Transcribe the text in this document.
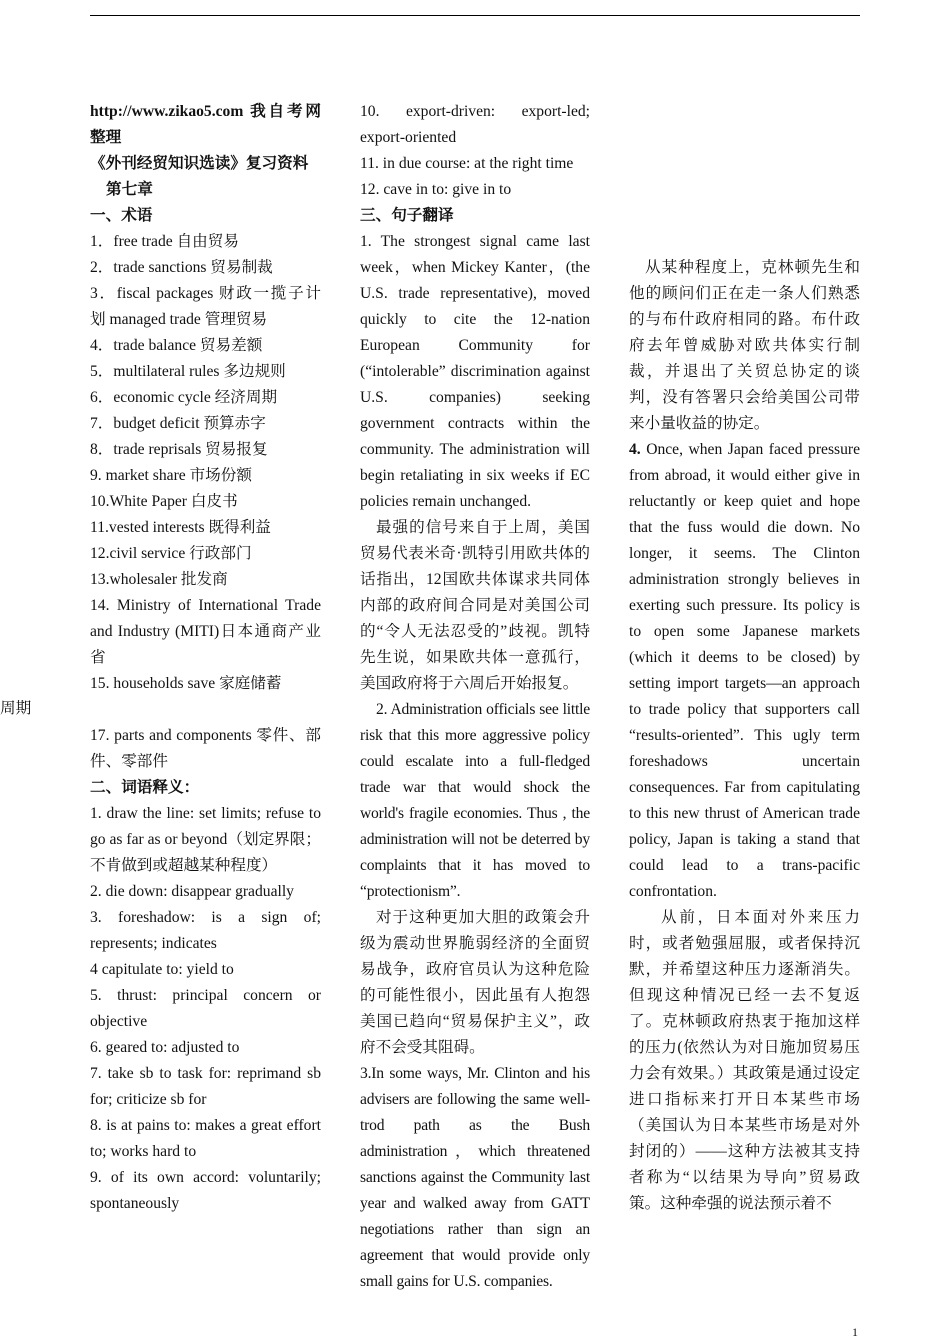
周期

http://www.zikao5.com 我自考网整理

《外刊经贸知识选读》复习资料

第七章

一、术语

1．free trade 自由贸易

2．trade sanctions 贸易制裁

3．fiscal packages 财政一揽子计划 managed trade 管理贸易

4．trade balance 贸易差额

5．multilateral rules 多边规则

6．economic cycle 经济周期

7．budget deficit 预算赤字

8．trade reprisals 贸易报复

9. market share 市场份额

10.White Paper 白皮书

11.vested interests 既得利益

12.civil service 行政部门

13.wholesaler 批发商

14. Ministry of International Trade and Industry (MITI)日本通商产业省

15. households save 家庭储蓄

17. parts and components 零件、部件、零部件

二、词语释义：

1. draw the line: set limits; refuse to go as far as or beyond（划定界限；不肯做到或超越某种程度）

2. die down: disappear gradually

3. foreshadow: is a sign of; represents; indicates

4 capitulate to: yield to

5. thrust: principal concern or objective

6. geared to: adjusted to

7. take sb to task for: reprimand sb for; criticize sb for

8. is at pains to: makes a great effort to; works hard to

9. of its own accord: voluntarily; spontaneously

10. export-driven: export-led; export-oriented

11. in due course: at the right time

12. cave in to: give in to

三、句子翻译

1. The strongest signal came last week，when Mickey Kanter，(the U.S. trade representative), moved quickly to cite the 12-nation European Community for (“intolerable” discrimination against U.S. companies) seeking government contracts within the community. The administration will begin retaliating in six weeks if EC policies remain unchanged.

最强的信号来自于上周，美国贸易代表米奇·凯特引用欧共体的话指出，12国欧共体谋求共同体内部的政府间合同是对美国公司的“令人无法忍受的”歧视。凯特先生说，如果欧共体一意孤行，美国政府将于六周后开始报复。

2. Administration officials see little risk that this more aggressive policy could escalate into a full-fledged trade war that would shock the world's fragile economies. Thus , the administration will not be deterred by complaints that it has moved to “protectionism”.

对于这种更加大胆的政策会升级为震动世界脆弱经济的全面贸易战争，政府官员认为这种危险的可能性很小，因此虽有人抱怨美国已趋向“贸易保护主义”，政府不会受其阻碍。

3.In some ways, Mr. Clinton and his advisers are following the same well-trod path as the Bush administration，which threatened sanctions against the Community last year and walked away from GATT negotiations rather than sign an agreement that would provide only small gains for U.S. companies.

从某种程度上，克林顿先生和他的顾问们正在走一条人们熟悉的与布什政府相同的路。布什政府去年曾威胁对欧共体实行制裁，并退出了关贸总协定的谈判，没有答署只会给美国公司带来小量收益的协定。

4. Once, when Japan faced pressure from abroad, it would either give in reluctantly or keep quiet and hope that the fuss would die down. No longer, it seems. The Clinton administration strongly believes in exerting such pressure. Its policy is to open some Japanese markets (which it deems to be closed) by setting import targets—an approach to trade policy that supporters call “results-oriented”. This ugly term foreshadows uncertain consequences. Far from capitulating to this new thrust of American trade policy, Japan is taking a stand that could lead to a trans-pacific confrontation.

从前，日本面对外来压力时，或者勉强屈服，或者保持沉默，并希望这种压力逐渐消失。但现这种情况已经一去不复返了。克林顿政府热衷于拖加这样的压力(依然认为对日施加贸易压力会有效果。）其政策是通过设定进口指标来打开日本某些市场（美国认为日本某些市场是对外封闭的）——这种方法被其支持者称为“以结果为导向”贸易政策。这种牵强的说法预示着不

1
